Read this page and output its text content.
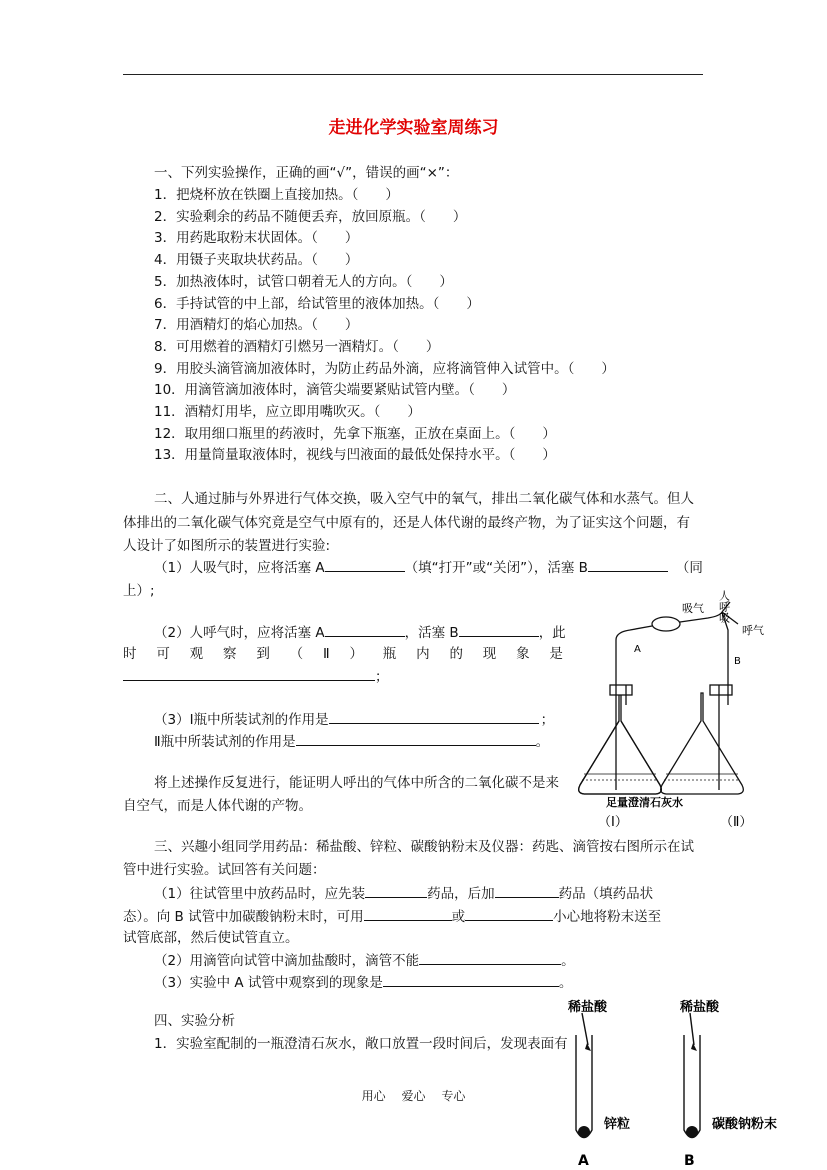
走进化学实验室周练习
一、下列实验操作，正确的画“√”，错误的画“×”：
1．把烧杯放在铁圈上直接加热。（　　）
2．实验剩余的药品不随便丢弃，放回原瓶。（　　）
3．用药匙取粉末状固体。（　　）
4．用镊子夹取块状药品。（　　）
5．加热液体时，试管口朝着无人的方向。（　　）
6．手持试管的中上部，给试管里的液体加热。（　　）
7．用酒精灯的焰心加热。（　　）
8．可用燃着的酒精灯引燃另一酒精灯。（　　）
9．用胶头滴管滴加液体时，为防止药品外滴，应将滴管伸入试管中。（　　）
10．用滴管滴加液体时，滴管尖端要紧贴试管内壁。（　　）
11．酒精灯用毕，应立即用嘴吹灭。（　　）
12．取用细口瓶里的药液时，先拿下瓶塞，正放在桌面上。（　　）
13．用量筒量取液体时，视线与凹液面的最低处保持水平。（　　）
二、人通过肺与外界进行气体交换，吸入空气中的氧气，排出二氧化碳气体和水蒸气。但人
体排出的二氧化碳气体究竟是空气中原有的，还是人体代谢的最终产物，为了证实这个问题，有
人设计了如图所示的装置进行实验:
（1）人吸气时，应将活塞 A	（填“打开”或“关闭”），活塞 B	（同
上）;
（2）人呼气时，应将活塞 A	，活塞 B	，此
时 可 观 察 到 （ Ⅱ ） 瓶 内 的 现 象 是
；
（3）Ⅰ瓶中所装试剂的作用是	；
Ⅱ瓶中所装试剂的作用是	。
将上述操作反复进行，能证明人呼出的气体中所含的二氧化碳不是来
自空气，而是人体代谢的产物。
人呼吸
吸气
呼气
A
B
足量澄清石灰水
（Ⅰ）	（Ⅱ）
三、兴趣小组同学用药品：稀盐酸、锌粒、碳酸钠粉末及仪器：药匙、滴管按右图所示在试
管中进行实验。试回答有关问题：
（1）往试管里中放药品时，应先装	药品，后加	药品（填药品状
态）。向 B 试管中加碳酸钠粉末时，可用	或	小心地将粉末送至
试管底部，然后使试管直立。
（2）用滴管向试管中滴加盐酸时，滴管不能	。
（3）实验中 A 试管中观察到的现象是	。
四、实验分析
1．实验室配制的一瓶澄清石灰水，敞口放置一段时间后，发现表面有
稀盐酸	稀盐酸
锌粒	碳酸钠粉末
A	B
用心 爱心 专心
